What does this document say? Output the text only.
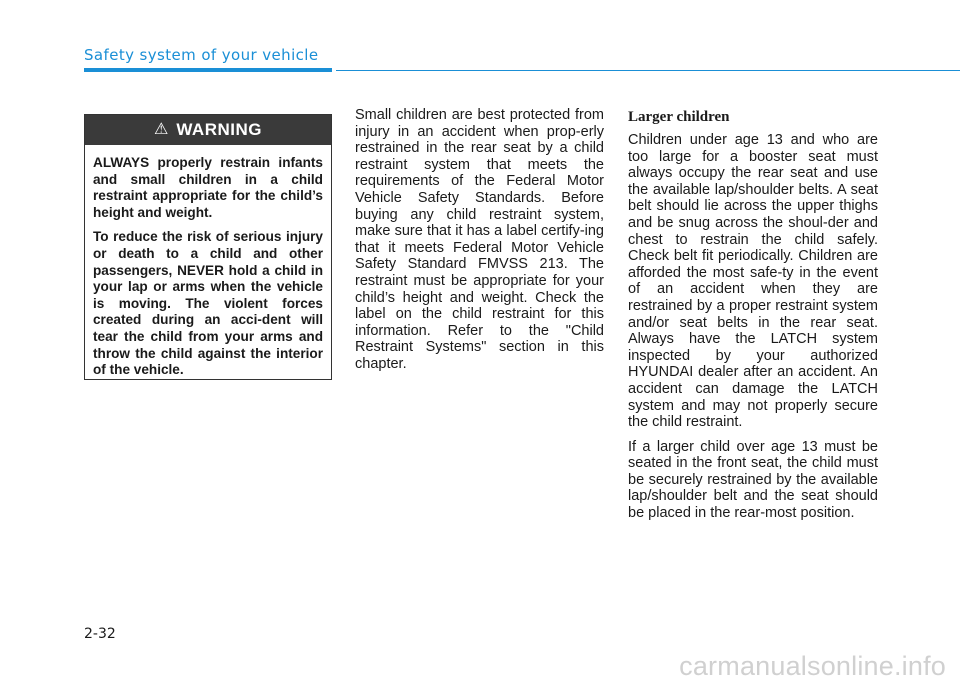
Safety system of your vehicle
⚠ WARNING

ALWAYS properly restrain infants and small children in a child restraint appropriate for the child’s height and weight.

To reduce the risk of serious injury or death to a child and other passengers, NEVER hold a child in your lap or arms when the vehicle is moving. The violent forces created during an acci-dent will tear the child from your arms and throw the child against the interior of the vehicle.

Small children are best protected from injury in an accident when prop-erly restrained in the rear seat by a child restraint system that meets the requirements of the Federal Motor Vehicle Safety Standards. Before buying any child restraint system, make sure that it has a label certify-ing that it meets Federal Motor Vehicle Safety Standard FMVSS 213. The restraint must be appropriate for your child’s height and weight. Check the label on the child restraint for this information. Refer to the "Child Restraint Systems" section in this chapter.

Larger children

Children under age 13 and who are too large for a booster seat must always occupy the rear seat and use the available lap/shoulder belts. A seat belt should lie across the upper thighs and be snug across the shoul-der and chest to restrain the child safely. Check belt fit periodically. Children are afforded the most safe-ty in the event of an accident when they are restrained by a proper restraint system and/or seat belts in the rear seat. Always have the LATCH system inspected by your authorized HYUNDAI dealer after an accident. An accident can damage the LATCH system and may not properly secure the child restraint.

If a larger child over age 13 must be seated in the front seat, the child must be securely restrained by the available lap/shoulder belt and the seat should be placed in the rear-most position.

2-32
carmanualsonline.info
